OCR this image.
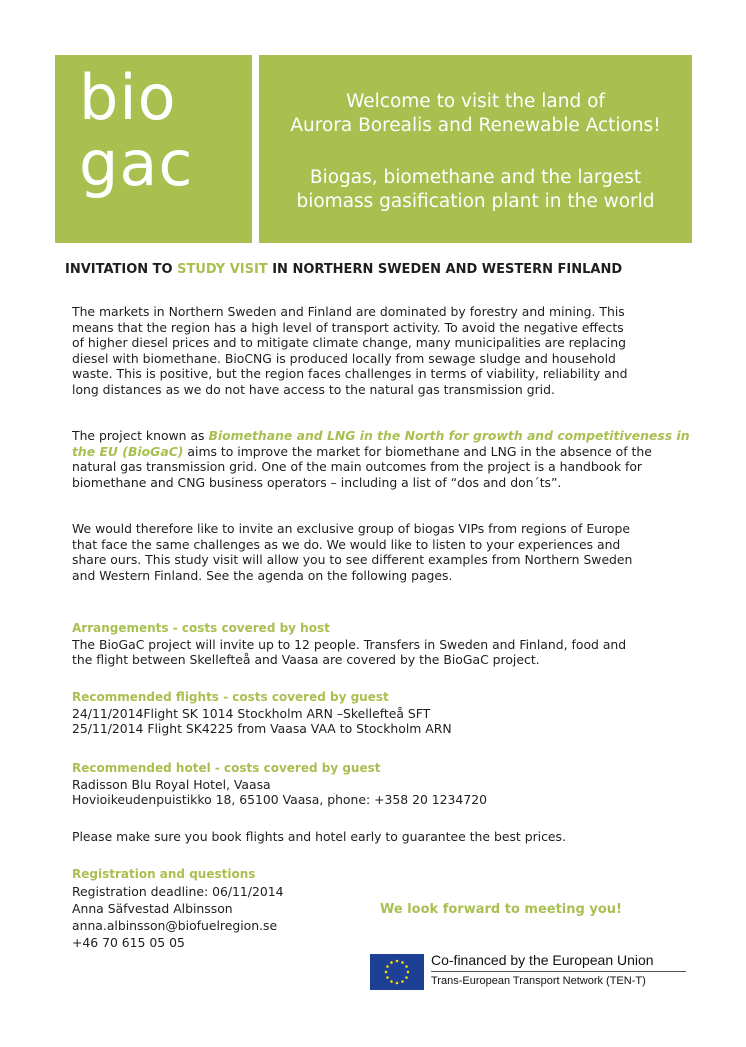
bio
gac
Welcome to visit the land of
Aurora Borealis and Renewable Actions!
Biogas, biomethane and the largest
biomass gasification plant in the world
INVITATION TO STUDY VISIT IN NORTHERN SWEDEN AND WESTERN FINLAND
The markets in Northern Sweden and Finland are dominated by forestry and mining. This
means that the region has a high level of transport activity. To avoid the negative effects
of higher diesel prices and to mitigate climate change, many municipalities are replacing
diesel with biomethane. BioCNG is produced locally from sewage sludge and household
waste. This is positive, but the region faces challenges in terms of viability, reliability and
long distances as we do not have access to the natural gas transmission grid.
The project known as Biomethane and LNG in the North for growth and competitiveness in
the EU (BioGaC) aims to improve the market for biomethane and LNG in the absence of the
natural gas transmission grid. One of the main outcomes from the project is a handbook for
biomethane and CNG business operators – including a list of “dos and don´ts”.
We would therefore like to invite an exclusive group of biogas VIPs from regions of Europe
that face the same challenges as we do. We would like to listen to your experiences and
share ours. This study visit will allow you to see different examples from Northern Sweden
and Western Finland. See the agenda on the following pages.
Arrangements - costs covered by host
The BioGaC project will invite up to 12 people. Transfers in Sweden and Finland, food and
the flight between Skellefteå and Vaasa are covered by the BioGaC project.
Recommended flights - costs covered by guest
24/11/2014Flight SK 1014 Stockholm ARN –Skellefteå SFT
25/11/2014 Flight SK4225 from Vaasa VAA to Stockholm ARN
Recommended hotel - costs covered by guest
Radisson Blu Royal Hotel, Vaasa
Hovioikeudenpuistikko 18, 65100 Vaasa, phone: +358 20 1234720
Please make sure you book flights and hotel early to guarantee the best prices.
Registration and questions
Registration deadline: 06/11/2014
Anna Säfvestad Albinsson
anna.albinsson@biofuelregion.se
+46 70 615 05 05
We look forward to meeting you!
Co-financed by the European Union
Trans-European Transport Network (TEN-T)
